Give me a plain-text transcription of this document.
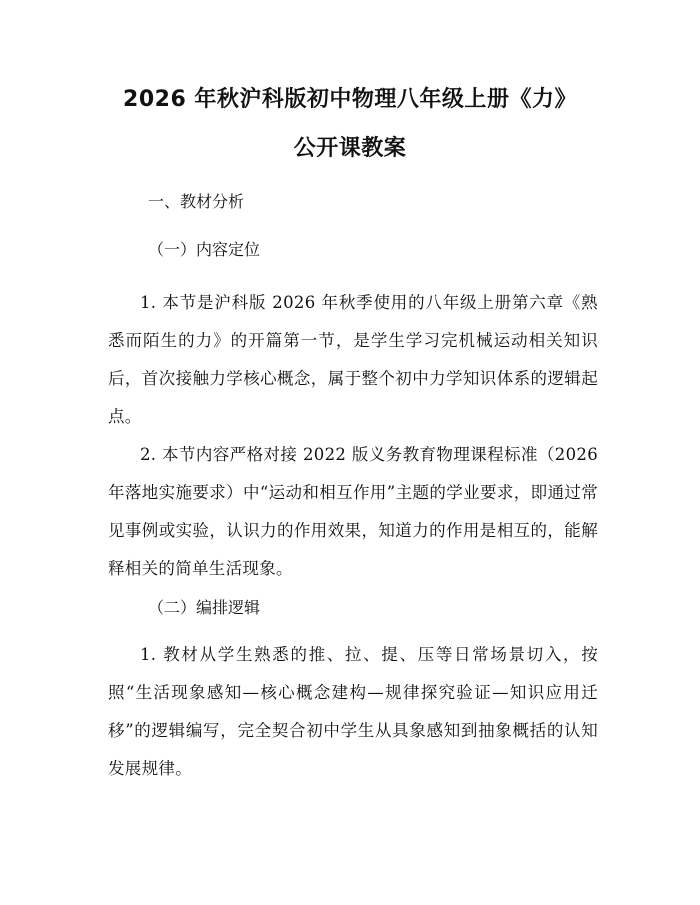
2026 年秋沪科版初中物理八年级上册《力》
公开课教案
一、教材分析
（一）内容定位
1. 本节是沪科版 2026 年秋季使用的八年级上册第六章《熟悉而陌生的力》的开篇第一节，是学生学习完机械运动相关知识后，首次接触力学核心概念，属于整个初中力学知识体系的逻辑起点。
2. 本节内容严格对接 2022 版义务教育物理课程标准（2026 年落地实施要求）中“运动和相互作用”主题的学业要求，即通过常见事例或实验，认识力的作用效果，知道力的作用是相互的，能解释相关的简单生活现象。
（二）编排逻辑
1. 教材从学生熟悉的推、拉、提、压等日常场景切入，按照“生活现象感知—核心概念建构—规律探究验证—知识应用迁移”的逻辑编写，完全契合初中学生从具象感知到抽象概括的认知发展规律。
